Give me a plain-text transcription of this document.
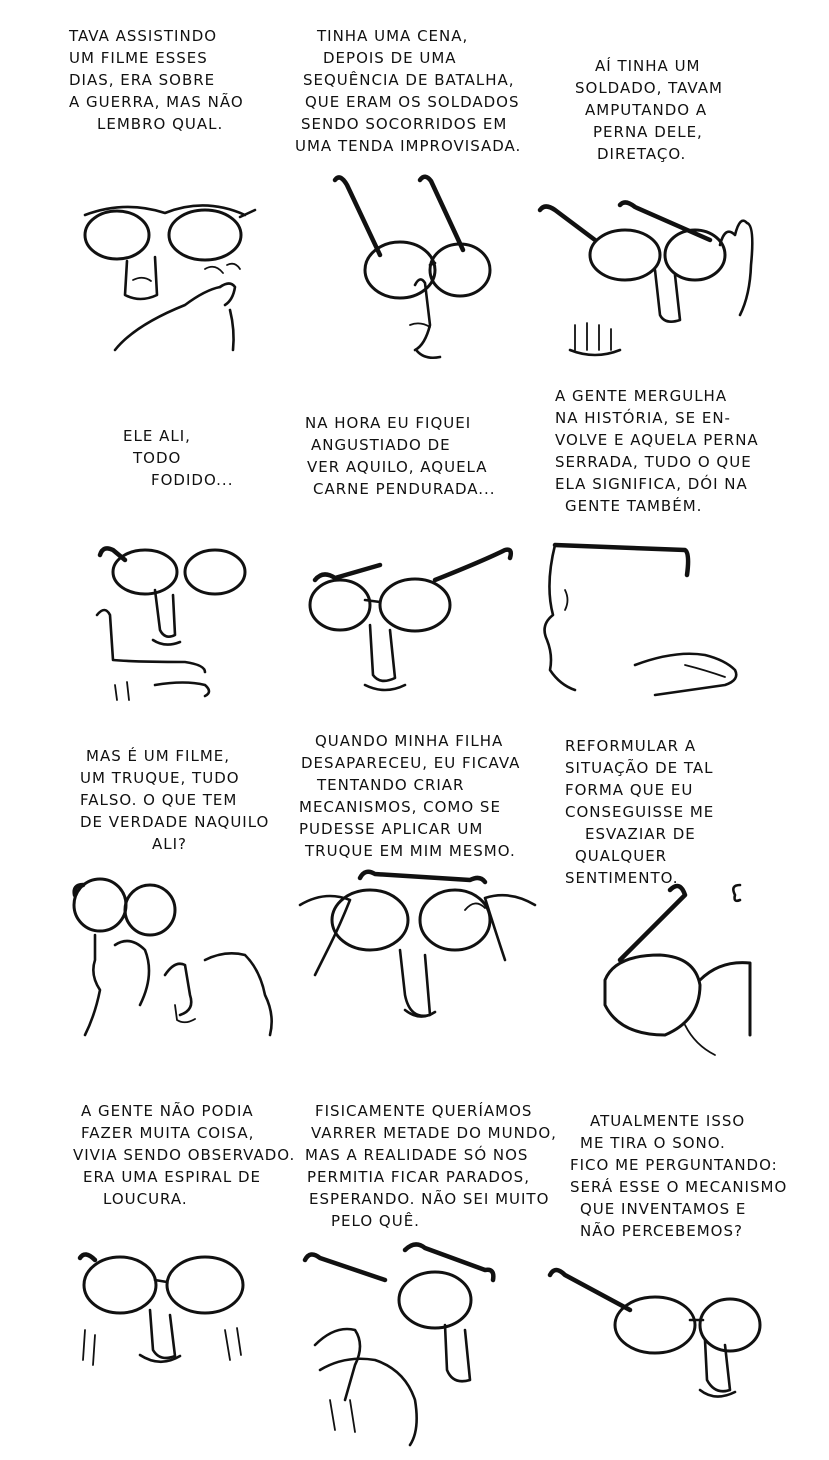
TAVA ASSISTINDO
UM FILME ESSES
DIAS, ERA SOBRE
A GUERRA, MAS NÃO
LEMBRO QUAL.
TINHA UMA CENA,
DEPOIS DE UMA
SEQUÊNCIA DE BATALHA,
QUE ERAM OS SOLDADOS
SENDO SOCORRIDOS EM
UMA TENDA IMPROVISADA.
AÍ TINHA UM
SOLDADO, TAVAM
AMPUTANDO A
PERNA DELE,
DIRETAÇO.
ELE ALI,
TODO
FODIDO...
NA HORA EU FIQUEI
ANGUSTIADO DE
VER AQUILO, AQUELA
CARNE PENDURADA...
A GENTE MERGULHA
NA HISTÓRIA, SE EN-
VOLVE E AQUELA PERNA
SERRADA, TUDO O QUE
ELA SIGNIFICA, DÓI NA
GENTE TAMBÉM.
MAS É UM FILME,
UM TRUQUE, TUDO
FALSO. O QUE TEM
DE VERDADE NAQUILO
ALI?
QUANDO MINHA FILHA
DESAPARECEU, EU FICAVA
TENTANDO CRIAR
MECANISMOS, COMO SE
PUDESSE APLICAR UM
TRUQUE EM MIM MESMO.
REFORMULAR A
SITUAÇÃO DE TAL
FORMA QUE EU
CONSEGUISSE ME
ESVAZIAR DE
QUALQUER
SENTIMENTO.
A GENTE NÃO PODIA
FAZER MUITA COISA,
VIVIA SENDO OBSERVADO.
ERA UMA ESPIRAL DE
LOUCURA.
FISICAMENTE QUERÍAMOS
VARRER METADE DO MUNDO,
MAS A REALIDADE SÓ NOS
PERMITIA FICAR PARADOS,
ESPERANDO. NÃO SEI MUITO
PELO QUÊ.
ATUALMENTE ISSO
ME TIRA O SONO.
FICO ME PERGUNTANDO:
SERÁ ESSE O MECANISMO
QUE INVENTAMOS E
NÃO PERCEBEMOS?
